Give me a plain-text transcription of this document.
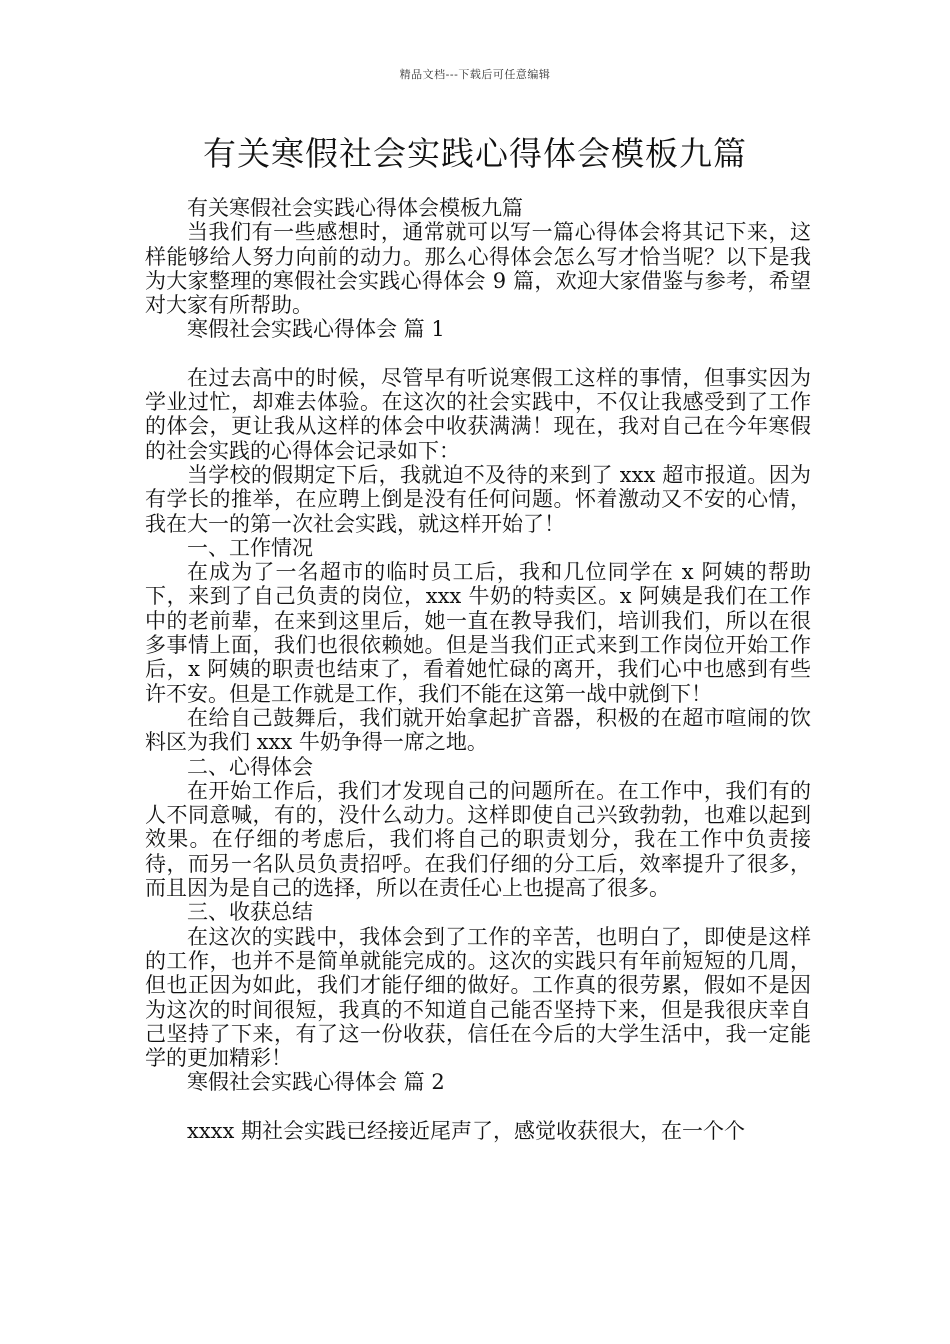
精品文档---下载后可任意编辑
有关寒假社会实践心得体会模板九篇

有关寒假社会实践心得体会模板九篇

当我们有一些感想时，通常就可以写一篇心得体会将其记下来，这样能够给人努力向前的动力。那么心得体会怎么写才恰当呢？以下是我为大家整理的寒假社会实践心得体会 9 篇，欢迎大家借鉴与参考，希望对大家有所帮助。

寒假社会实践心得体会 篇 1

在过去高中的时候，尽管早有听说寒假工这样的事情，但事实因为学业过忙，却难去体验。在这次的社会实践中，不仅让我感受到了工作的体会，更让我从这样的体会中收获满满！现在，我对自己在今年寒假的社会实践的心得体会记录如下：

当学校的假期定下后，我就迫不及待的来到了 xxx 超市报道。因为有学长的推举，在应聘上倒是没有任何问题。怀着激动又不安的心情，我在大一的第一次社会实践，就这样开始了！

一、工作情况

在成为了一名超市的临时员工后，我和几位同学在 x 阿姨的帮助下，来到了自己负责的岗位，xxx 牛奶的特卖区。x 阿姨是我们在工作中的老前辈，在来到这里后，她一直在教导我们，培训我们，所以在很多事情上面，我们也很依赖她。但是当我们正式来到工作岗位开始工作后，x 阿姨的职责也结束了，看着她忙碌的离开，我们心中也感到有些许不安。但是工作就是工作，我们不能在这第一战中就倒下！

在给自己鼓舞后，我们就开始拿起扩音器，积极的在超市喧闹的饮料区为我们 xxx 牛奶争得一席之地。

二、心得体会

在开始工作后，我们才发现自己的问题所在。在工作中，我们有的人不同意喊，有的，没什么动力。这样即使自己兴致勃勃，也难以起到效果。在仔细的考虑后，我们将自己的职责划分，我在工作中负责接待，而另一名队员负责招呼。在我们仔细的分工后，效率提升了很多，而且因为是自己的选择，所以在责任心上也提高了很多。

三、收获总结

在这次的实践中，我体会到了工作的辛苦，也明白了，即使是这样的工作，也并不是简单就能完成的。这次的实践只有年前短短的几周，但也正因为如此，我们才能仔细的做好。工作真的很劳累，假如不是因为这次的时间很短，我真的不知道自己能否坚持下来，但是我很庆幸自己坚持了下来，有了这一份收获，信任在今后的大学生活中，我一定能学的更加精彩！

寒假社会实践心得体会 篇 2

xxxx 期社会实践已经接近尾声了，感觉收获很大，在一个个
